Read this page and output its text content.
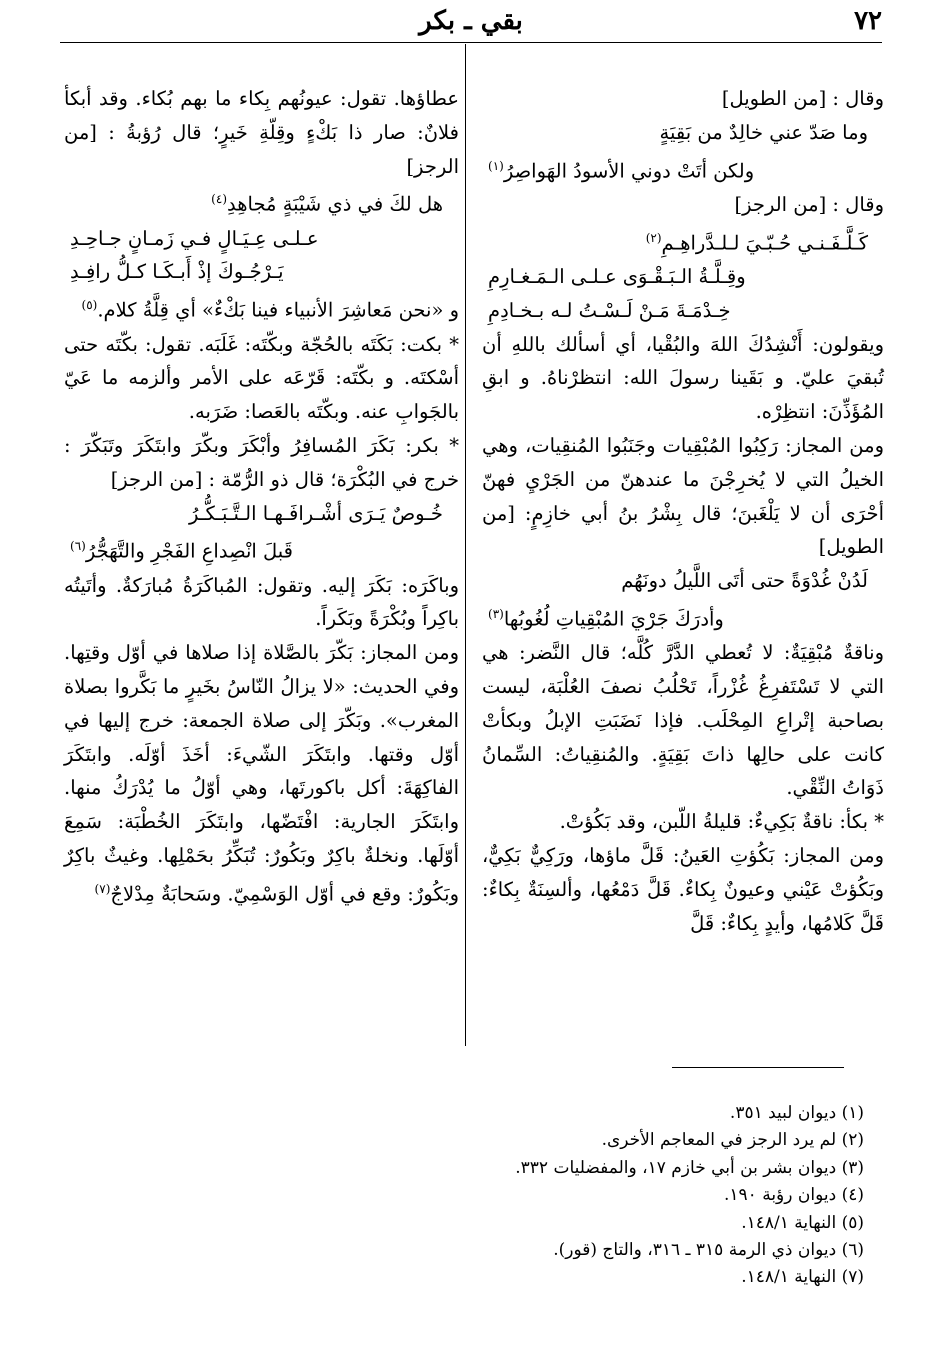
٧٢
بقي ـ بكر

وقال : [من الطويل]

وما صَدّ عني خالِدٌ من بَقِيَةٍ

ولكن أتَتْ دوني الأسودُ الهَواصِرُ$^{(١)}$

وقال : [من الرجز]

كَـلَّـفَـنـي حُـبّـيَ لـلـدَّراهِـمِ$^{(٢)}$

وقِـلَّـةُ الـبَـقْـوَى عـلـى الـمَـغـارِمِ

خِـدْمَـةَ مَـنْ لَـسْـتُ لـه بـخـادِمِ

ويقولون: أَنْشِدُكَ اللهَ والبُقْيا، أي أسألك باللهِ أن تُبقيَ عليّ. و بَقَينا رسولَ الله: انتظرْناهُ. و ابقِ المُؤَذِّنَ: انتظِرْه.

ومن المجاز: رَكِبُوا المُبْقِيات وجَنَبُوا المُنقِيات، وهي الخيلُ التي لا يُخرِجْنَ ما عندهنّ من الجَرْيِ فهنّ أحْرَى أن لا يَلْغَبنَ؛ قال بِشْرُ بنُ أبي خازِمٍ: [من الطويل]

لَدُنْ غُدْوَةً حتى أتَى اللَّيلُ دونَهُم

وأدرَكَ جَرْيَ المُبْقِياتِ لُغُوبُها$^{(٣)}$

وناقةٌ مُبْقِيَةٌ: لا تُعطي الدَّرَّ كُلَّه؛ قال النَّضر: هي التي لا تَسْتَفرِغُ غُزْراً، تَحْلُبُ نصفَ العُلْبَة، ليست بصاحبة إتْراعِ المِحْلَب. فإذا نَضَبَتِ الإبلُ وبكأتْ كانت على حالِها ذاتَ بَقِيَةٍ. والمُنقِياتُ: السِّمانُ ذَوَاتُ النِّقْي.

* بكأ: ناقةٌ بَكِيءٌ: قليلةُ اللّبن، وقد بَكُؤتْ.

ومن المجاز: بَكُؤتِ العَينُ: قَلَّ ماؤها، ورَكِيٌّ بَكِيٌّ، وبَكُؤتْ عَيْني وعيونٌ بِكاءٌ. قَلَّ دَمْعُها، وألسِنَةٌ بِكاءٌ: قَلَّ كَلامُها، وأيدٍ بِكاءٌ: قَلَّ

عطاؤها. تقول: عيونُهم بِكاء ما بهم بُكاء. وقد أبكأ فلانٌ: صار ذا بَكْءٍ وقِلّةِ خَيرٍ؛ قال رُؤبةُ : [من الرجز]

هل لكَ في ذي شَيْبَةٍ مُجاهِدِ$^{(٤)}$

عـلـى عِـيَـالٍ فـي زَمـانٍ جـاحِـدِ

يَـرْجُـوكَ إذْ أَبـكَـا كـلُّ رافِـدِ

و «نحن مَعاشِرَ الأنبياء فينا بَكْءٌ» أي قِلَّةُ كلام.$^{(٥)}$

* بكت: بَكَتَه بالحُجّة وبكّتَه: غَلَبَه. تقول: بكّتَه حتى أسْكتَه. و بكّتَه: قَرّعَه على الأمر وألزمه ما عَيّ بالجَوابِ عنه. وبكّتَه بالعَصا: ضَرَبه.

* بكر: بَكَرَ المُسافِرُ وأبْكَرَ وبكّرَ وابتَكَرَ وتَبَكّرَ : خرج في البُكْرَة؛ قال ذو الرُّمّة : [من الرجز]

خُـوصٌ يَـرَى أشْـرافَـهـا الـتَّـبَـكُّـرُ

قَبلَ انْصِداعِ الفَجْرِ والتَّهَجُّرُ$^{(٦)}$

وباكَرَه: بَكَرَ إليه. وتقول: المُباكَرَةُ مُبارَكةٌ. وأتَيتُه باكِراً وبُكْرَةً وبَكَراً.

ومن المجاز: بَكّرَ بالصَّلاة إذا صلاها في أوّل وقتِها. وفي الحديث: «لا يزالُ النّاسُ بخَيرٍ ما بَكَّروا بصلاة المغرب». وبَكّرَ إلى صلاة الجمعة: خرج إليها في أوّل وقتها. وابتَكَرَ الشّيءَ: أخَذَ أوّلَه. وابتَكَرَ الفاكِهَةَ: أكل باكورتَها، وهي أوّلُ ما يُدْرَكُ منها. وابتَكَرَ الجارية: افْتَضّها، وابتَكَرَ الخُطْبَة: سَمِعَ أوّلَها. ونخلةٌ باكِرٌ وبَكُورٌ: تُبَكِّرُ بحَمْلِها. وغيثٌ باكِرٌ وبَكُورٌ: وقع في أوّل الوَسْمِيّ. وسَحابَةٌ مِدْلاجٌ$^{(٧)}$

(١) ديوان لبيد ٣٥١.
(٢) لم يرد الرجز في المعاجم الأخرى.
(٣) ديوان بشر بن أبي خازم ١٧، والمفضليات ٣٣٢.
(٤) ديوان رؤبة ١٩٠.
(٥) النهاية ١٤٨/١.
(٦) ديوان ذي الرمة ٣١٥ ـ ٣١٦، والتاج (قور).
(٧) النهاية ١٤٨/١.
